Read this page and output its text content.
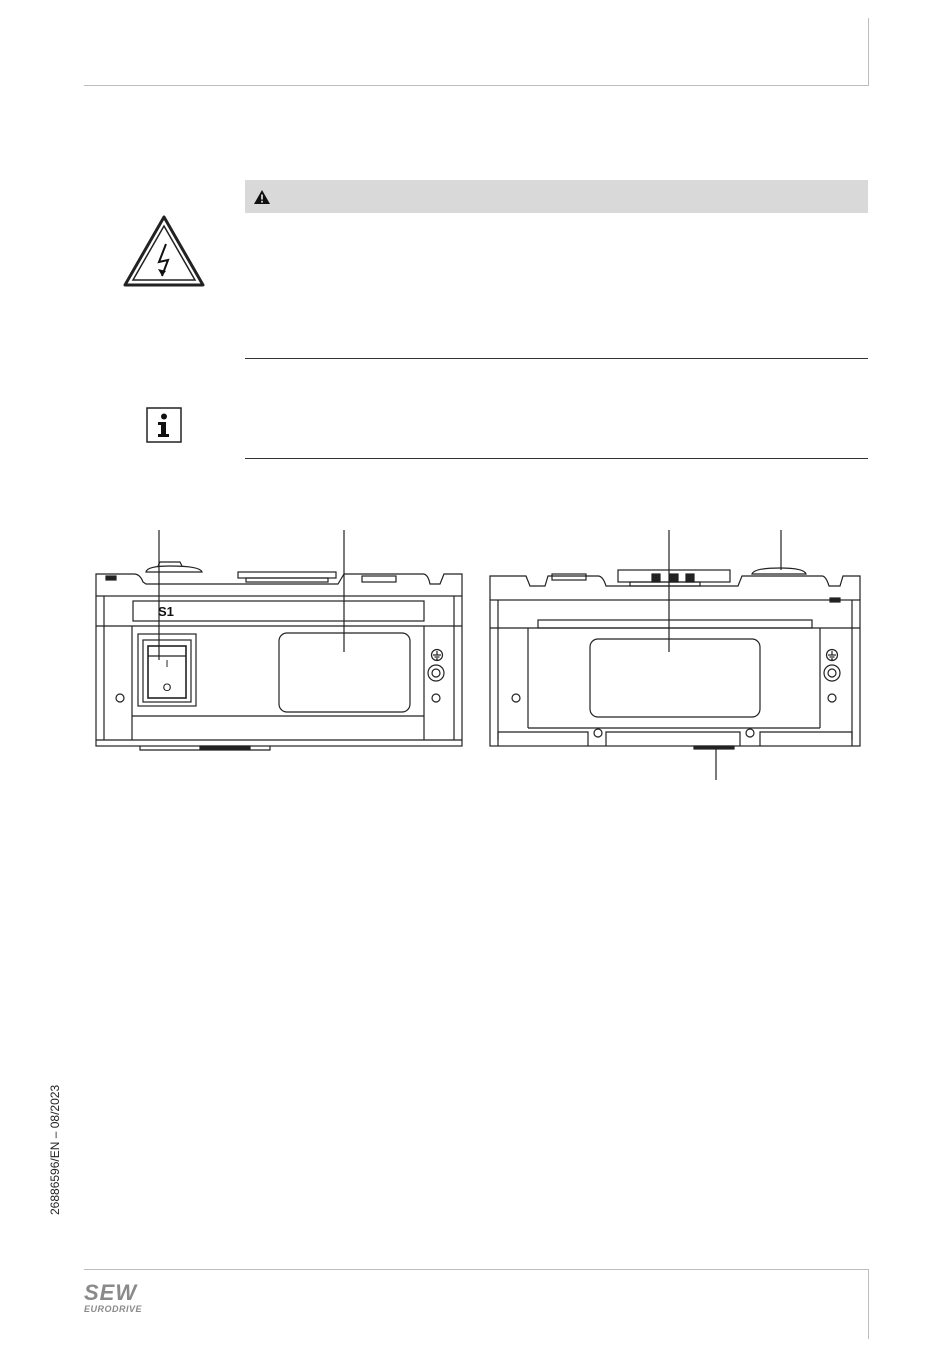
S1
I
O
26886596/EN – 08/2023
SEW
EURODRIVE
